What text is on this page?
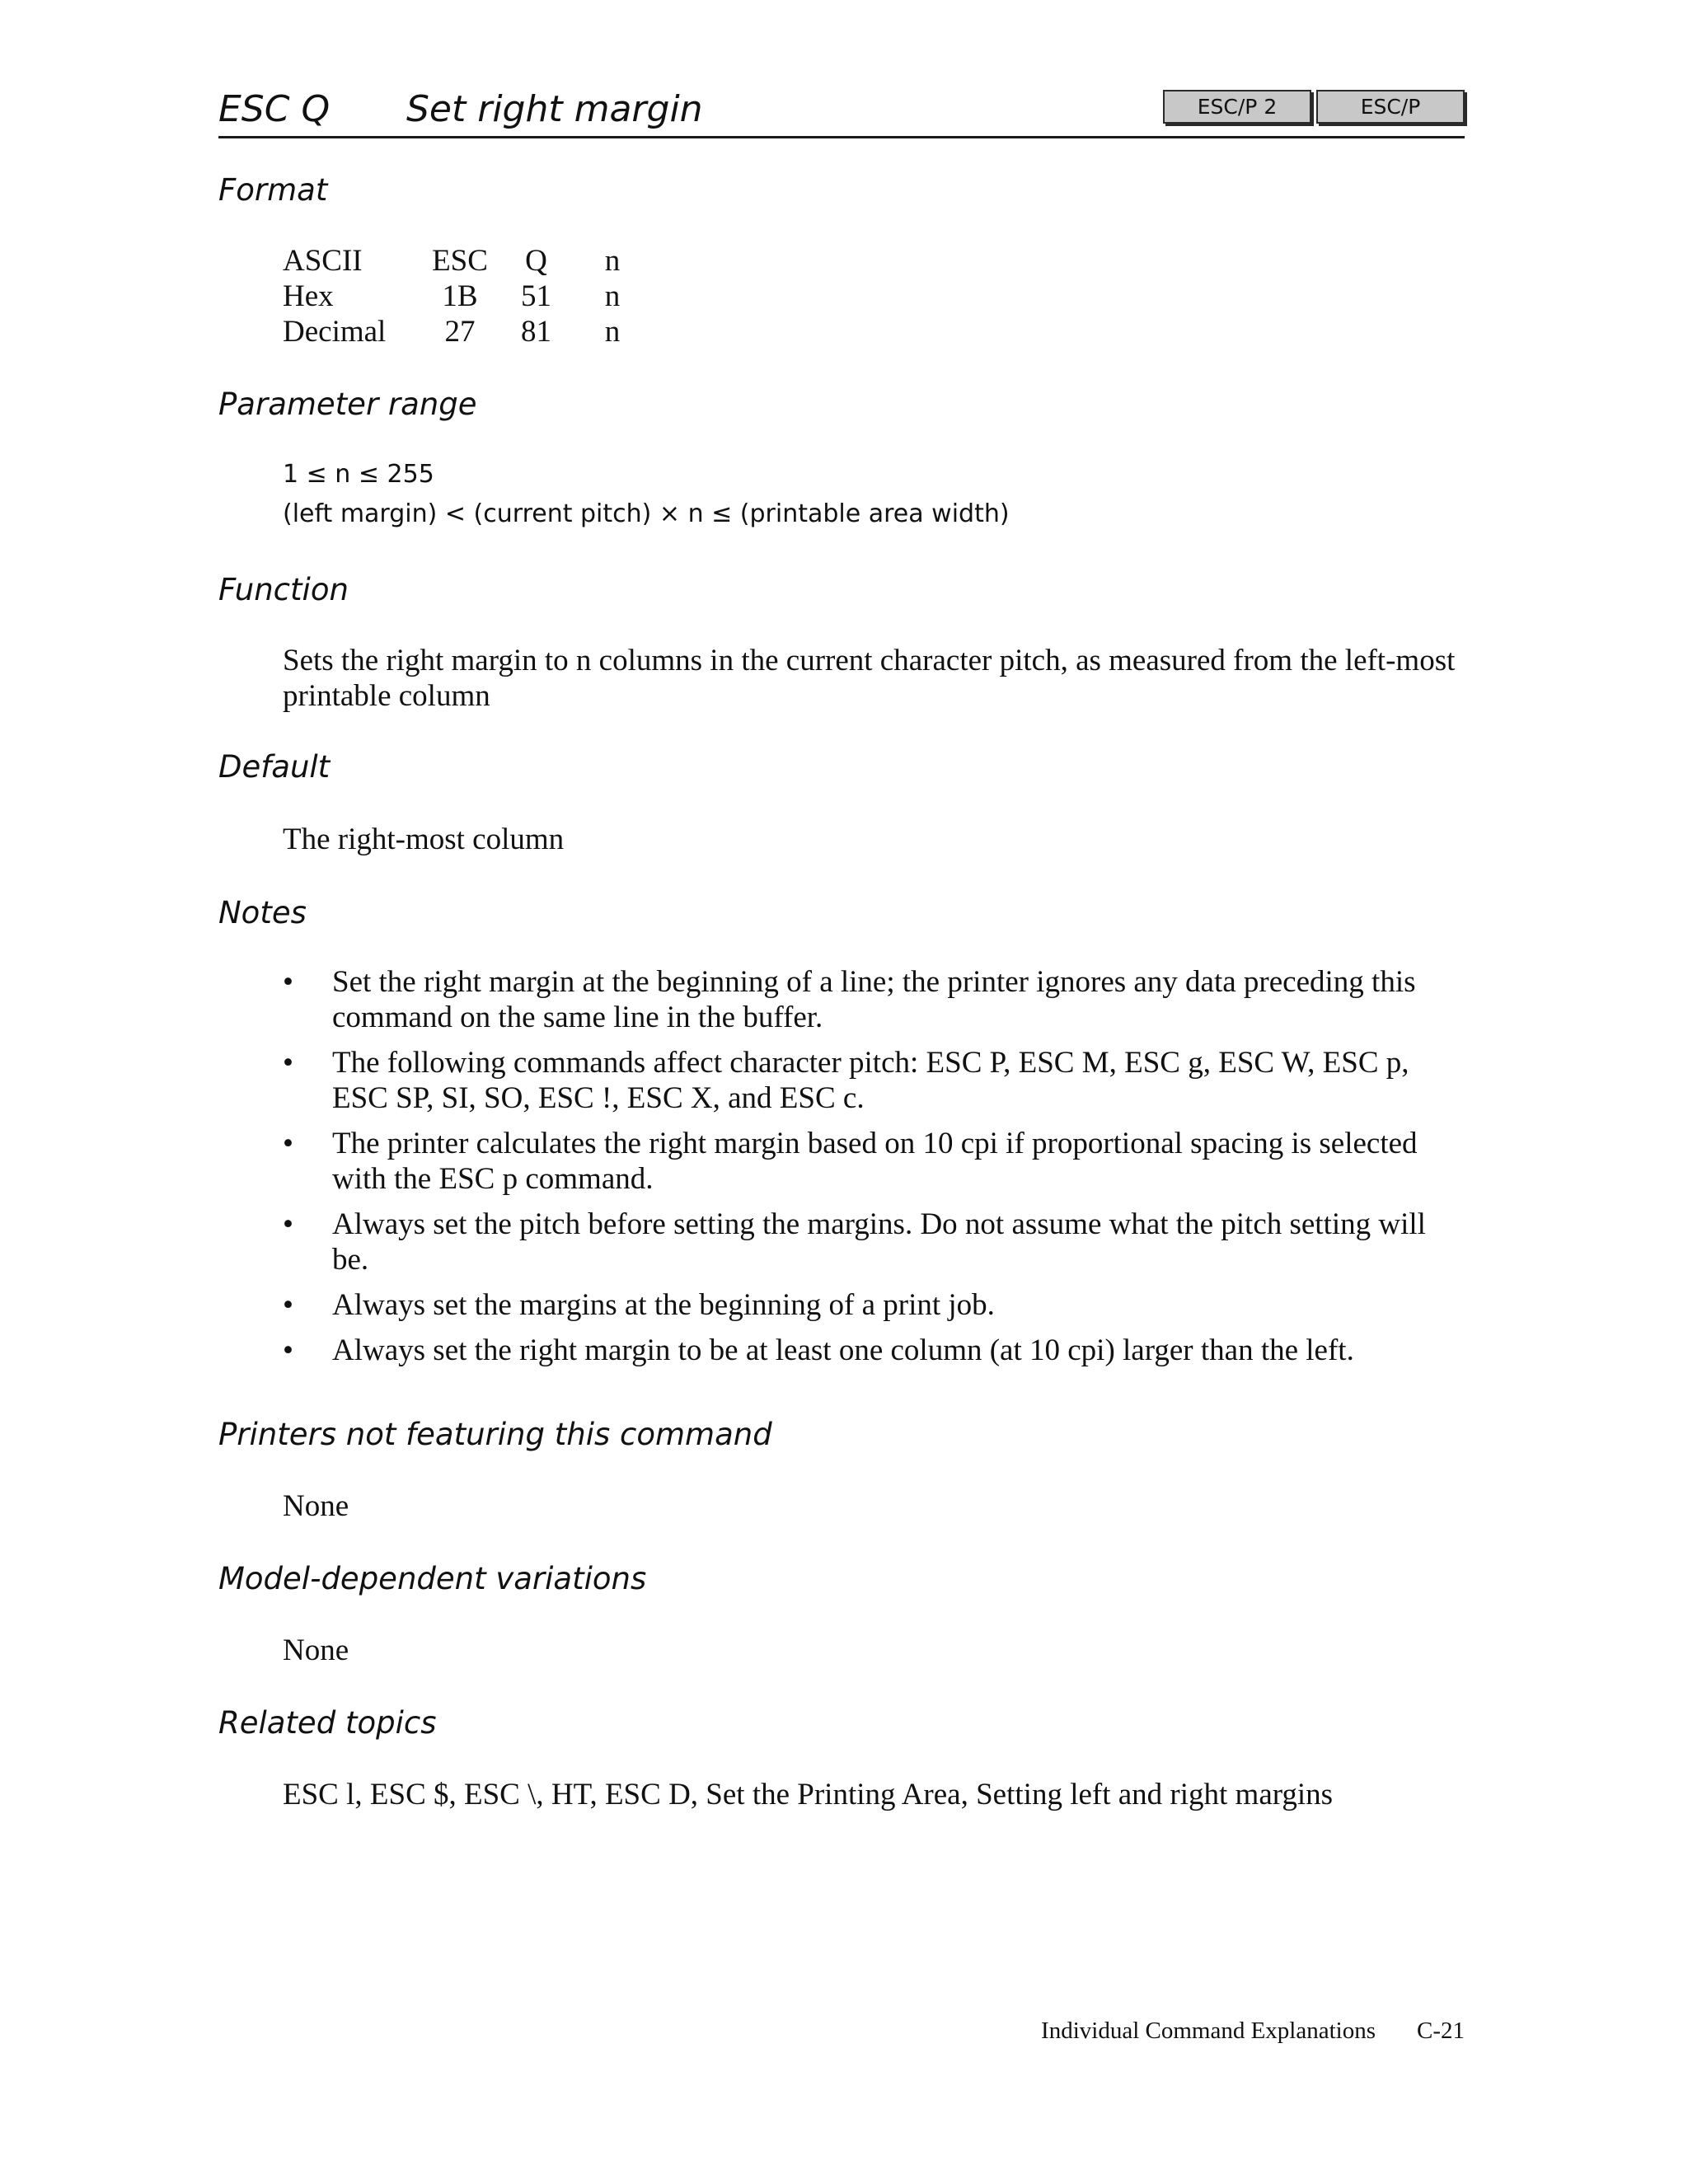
ESC Q Set right margin	ESC/P 2	ESC/P
Format
ASCII	ESC	Q	n
Hex	1B	51	n
Decimal	27	81	n
Parameter range

1 ≤ n ≤ 255

(left margin) < (current pitch) × n ≤ (printable area width)

Function

Sets the right margin to n columns in the current character pitch, as measured from the left-most printable column

Default

The right-most column

Notes
• Set the right margin at the beginning of a line; the printer ignores any data preceding this command on the same line in the buffer.
• The following commands affect character pitch: ESC P, ESC M, ESC g, ESC W, ESC p, ESC SP, SI, SO, ESC !, ESC X, and ESC c.
• The printer calculates the right margin based on 10 cpi if proportional spacing is selected with the ESC p command.
• Always set the pitch before setting the margins. Do not assume what the pitch setting will be.
• Always set the margins at the beginning of a print job.
• Always set the right margin to be at least one column (at 10 cpi) larger than the left.
Printers not featuring this command

None

Model-dependent variations

None

Related topics

ESC l, ESC $, ESC \, HT, ESC D, Set the Printing Area, Setting left and right margins

Individual Command Explanations C-21
